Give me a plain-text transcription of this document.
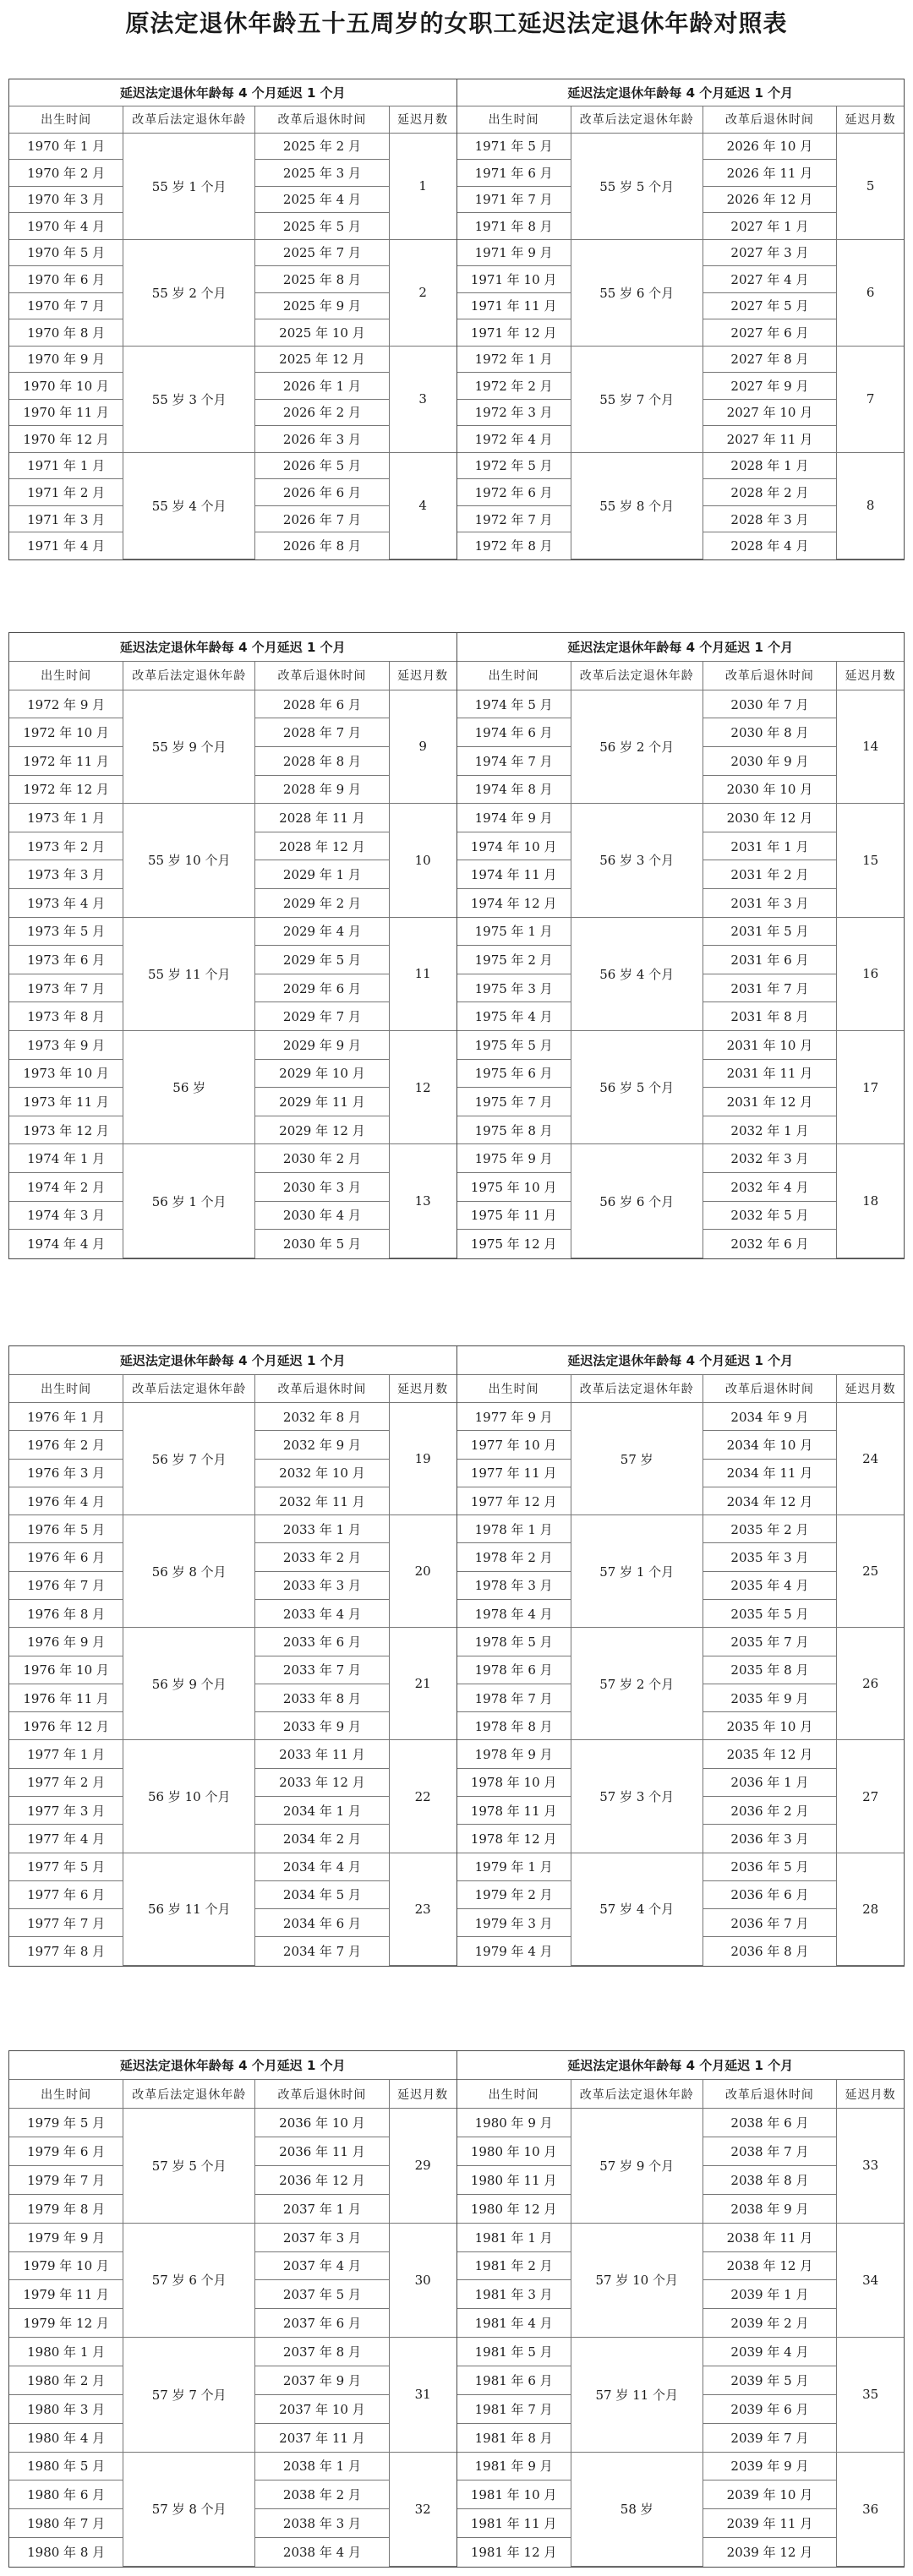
原法定退休年龄五十五周岁的女职工延迟法定退休年龄对照表
延迟法定退休年龄每 4 个月延迟 1 个月			
出生时间	改革后法定退休年龄	改革后退休时间	延迟月数
1970 年 1 月	55 岁 1 个月	2025 年 2 月	1
1970 年 2 月		2025 年 3 月	
1970 年 3 月		2025 年 4 月	
1970 年 4 月		2025 年 5 月	
1970 年 5 月	55 岁 2 个月	2025 年 7 月	2
1970 年 6 月		2025 年 8 月	
1970 年 7 月		2025 年 9 月	
1970 年 8 月		2025 年 10 月	
1970 年 9 月	55 岁 3 个月	2025 年 12 月	3
1970 年 10 月		2026 年 1 月	
1970 年 11 月		2026 年 2 月	
1970 年 12 月		2026 年 3 月	
1971 年 1 月	55 岁 4 个月	2026 年 5 月	4
1971 年 2 月		2026 年 6 月	
1971 年 3 月		2026 年 7 月	
1971 年 4 月		2026 年 8 月	
延迟法定退休年龄每 4 个月延迟 1 个月			
出生时间	改革后法定退休年龄	改革后退休时间	延迟月数
1971 年 5 月	55 岁 5 个月	2026 年 10 月	5
1971 年 6 月		2026 年 11 月	
1971 年 7 月		2026 年 12 月	
1971 年 8 月		2027 年 1 月	
1971 年 9 月	55 岁 6 个月	2027 年 3 月	6
1971 年 10 月		2027 年 4 月	
1971 年 11 月		2027 年 5 月	
1971 年 12 月		2027 年 6 月	
1972 年 1 月	55 岁 7 个月	2027 年 8 月	7
1972 年 2 月		2027 年 9 月	
1972 年 3 月		2027 年 10 月	
1972 年 4 月		2027 年 11 月	
1972 年 5 月	55 岁 8 个月	2028 年 1 月	8
1972 年 6 月		2028 年 2 月	
1972 年 7 月		2028 年 3 月	
1972 年 8 月		2028 年 4 月	
延迟法定退休年龄每 4 个月延迟 1 个月			
出生时间	改革后法定退休年龄	改革后退休时间	延迟月数
1972 年 9 月	55 岁 9 个月	2028 年 6 月	9
1972 年 10 月		2028 年 7 月	
1972 年 11 月		2028 年 8 月	
1972 年 12 月		2028 年 9 月	
1973 年 1 月	55 岁 10 个月	2028 年 11 月	10
1973 年 2 月		2028 年 12 月	
1973 年 3 月		2029 年 1 月	
1973 年 4 月		2029 年 2 月	
1973 年 5 月	55 岁 11 个月	2029 年 4 月	11
1973 年 6 月		2029 年 5 月	
1973 年 7 月		2029 年 6 月	
1973 年 8 月		2029 年 7 月	
1973 年 9 月	56 岁	2029 年 9 月	12
1973 年 10 月		2029 年 10 月	
1973 年 11 月		2029 年 11 月	
1973 年 12 月		2029 年 12 月	
1974 年 1 月	56 岁 1 个月	2030 年 2 月	13
1974 年 2 月		2030 年 3 月	
1974 年 3 月		2030 年 4 月	
1974 年 4 月		2030 年 5 月	
延迟法定退休年龄每 4 个月延迟 1 个月			
出生时间	改革后法定退休年龄	改革后退休时间	延迟月数
1974 年 5 月	56 岁 2 个月	2030 年 7 月	14
1974 年 6 月		2030 年 8 月	
1974 年 7 月		2030 年 9 月	
1974 年 8 月		2030 年 10 月	
1974 年 9 月	56 岁 3 个月	2030 年 12 月	15
1974 年 10 月		2031 年 1 月	
1974 年 11 月		2031 年 2 月	
1974 年 12 月		2031 年 3 月	
1975 年 1 月	56 岁 4 个月	2031 年 5 月	16
1975 年 2 月		2031 年 6 月	
1975 年 3 月		2031 年 7 月	
1975 年 4 月		2031 年 8 月	
1975 年 5 月	56 岁 5 个月	2031 年 10 月	17
1975 年 6 月		2031 年 11 月	
1975 年 7 月		2031 年 12 月	
1975 年 8 月		2032 年 1 月	
1975 年 9 月	56 岁 6 个月	2032 年 3 月	18
1975 年 10 月		2032 年 4 月	
1975 年 11 月		2032 年 5 月	
1975 年 12 月		2032 年 6 月	
延迟法定退休年龄每 4 个月延迟 1 个月			
出生时间	改革后法定退休年龄	改革后退休时间	延迟月数
1976 年 1 月	56 岁 7 个月	2032 年 8 月	19
1976 年 2 月		2032 年 9 月	
1976 年 3 月		2032 年 10 月	
1976 年 4 月		2032 年 11 月	
1976 年 5 月	56 岁 8 个月	2033 年 1 月	20
1976 年 6 月		2033 年 2 月	
1976 年 7 月		2033 年 3 月	
1976 年 8 月		2033 年 4 月	
1976 年 9 月	56 岁 9 个月	2033 年 6 月	21
1976 年 10 月		2033 年 7 月	
1976 年 11 月		2033 年 8 月	
1976 年 12 月		2033 年 9 月	
1977 年 1 月	56 岁 10 个月	2033 年 11 月	22
1977 年 2 月		2033 年 12 月	
1977 年 3 月		2034 年 1 月	
1977 年 4 月		2034 年 2 月	
1977 年 5 月	56 岁 11 个月	2034 年 4 月	23
1977 年 6 月		2034 年 5 月	
1977 年 7 月		2034 年 6 月	
1977 年 8 月		2034 年 7 月	
延迟法定退休年龄每 4 个月延迟 1 个月			
出生时间	改革后法定退休年龄	改革后退休时间	延迟月数
1977 年 9 月	57 岁	2034 年 9 月	24
1977 年 10 月		2034 年 10 月	
1977 年 11 月		2034 年 11 月	
1977 年 12 月		2034 年 12 月	
1978 年 1 月	57 岁 1 个月	2035 年 2 月	25
1978 年 2 月		2035 年 3 月	
1978 年 3 月		2035 年 4 月	
1978 年 4 月		2035 年 5 月	
1978 年 5 月	57 岁 2 个月	2035 年 7 月	26
1978 年 6 月		2035 年 8 月	
1978 年 7 月		2035 年 9 月	
1978 年 8 月		2035 年 10 月	
1978 年 9 月	57 岁 3 个月	2035 年 12 月	27
1978 年 10 月		2036 年 1 月	
1978 年 11 月		2036 年 2 月	
1978 年 12 月		2036 年 3 月	
1979 年 1 月	57 岁 4 个月	2036 年 5 月	28
1979 年 2 月		2036 年 6 月	
1979 年 3 月		2036 年 7 月	
1979 年 4 月		2036 年 8 月	
延迟法定退休年龄每 4 个月延迟 1 个月			
出生时间	改革后法定退休年龄	改革后退休时间	延迟月数
1979 年 5 月	57 岁 5 个月	2036 年 10 月	29
1979 年 6 月		2036 年 11 月	
1979 年 7 月		2036 年 12 月	
1979 年 8 月		2037 年 1 月	
1979 年 9 月	57 岁 6 个月	2037 年 3 月	30
1979 年 10 月		2037 年 4 月	
1979 年 11 月		2037 年 5 月	
1979 年 12 月		2037 年 6 月	
1980 年 1 月	57 岁 7 个月	2037 年 8 月	31
1980 年 2 月		2037 年 9 月	
1980 年 3 月		2037 年 10 月	
1980 年 4 月		2037 年 11 月	
1980 年 5 月	57 岁 8 个月	2038 年 1 月	32
1980 年 6 月		2038 年 2 月	
1980 年 7 月		2038 年 3 月	
1980 年 8 月		2038 年 4 月	
延迟法定退休年龄每 4 个月延迟 1 个月			
出生时间	改革后法定退休年龄	改革后退休时间	延迟月数
1980 年 9 月	57 岁 9 个月	2038 年 6 月	33
1980 年 10 月		2038 年 7 月	
1980 年 11 月		2038 年 8 月	
1980 年 12 月		2038 年 9 月	
1981 年 1 月	57 岁 10 个月	2038 年 11 月	34
1981 年 2 月		2038 年 12 月	
1981 年 3 月		2039 年 1 月	
1981 年 4 月		2039 年 2 月	
1981 年 5 月	57 岁 11 个月	2039 年 4 月	35
1981 年 6 月		2039 年 5 月	
1981 年 7 月		2039 年 6 月	
1981 年 8 月		2039 年 7 月	
1981 年 9 月	58 岁	2039 年 9 月	36
1981 年 10 月		2039 年 10 月	
1981 年 11 月		2039 年 11 月	
1981 年 12 月		2039 年 12 月	
